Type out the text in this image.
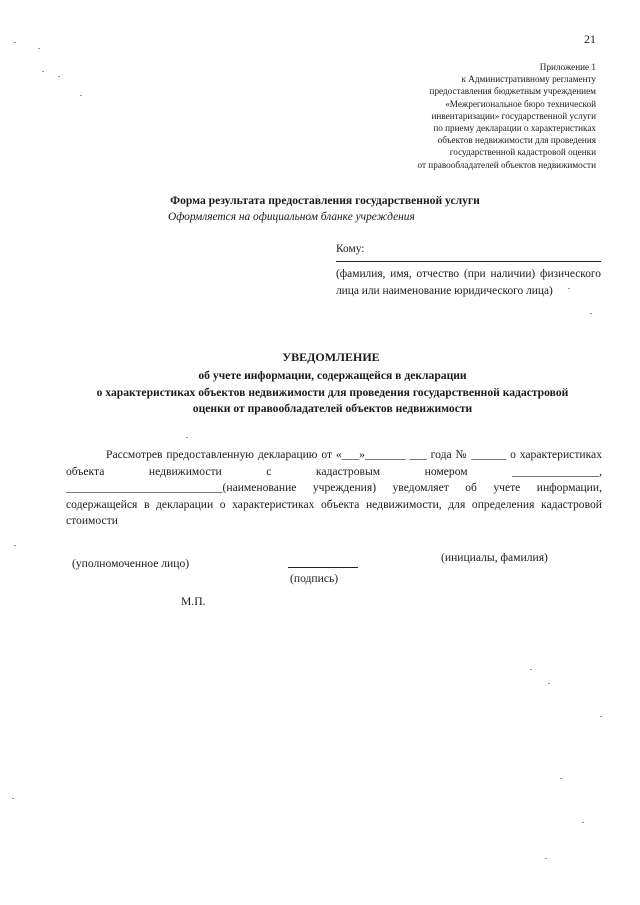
21
Приложение 1
к Административному регламенту
предоставления бюджетным учреждением
«Межрегиональное бюро технической
инвентаризации» государственной услуги
по приему декларации о характеристиках
объектов недвижимости для проведения
государственной кадастровой оценки
от правообладателей объектов недвижимости
Форма результата предоставления государственной услуги
Оформляется на официальном бланке учреждения
Кому:
(фамилия, имя, отчество (при наличии) физического лица или наименование юридического лица)
УВЕДОМЛЕНИЕ
об учете информации, содержащейся в декларации
о характеристиках объектов недвижимости для проведения государственной кадастровой
оценки от правообладателей объектов недвижимости
Рассмотрев предоставленную декларацию от «___»_______ ___ года № ______ о характеристиках объекта недвижимости с кадастровым номером _______________, ___________________________(наименование учреждения) уведомляет об учете информации, содержащейся в декларации о характеристиках объекта недвижимости, для определения кадастровой стоимости
(уполномоченное лицо)
(подпись)
(инициалы, фамилия)
М.П.
